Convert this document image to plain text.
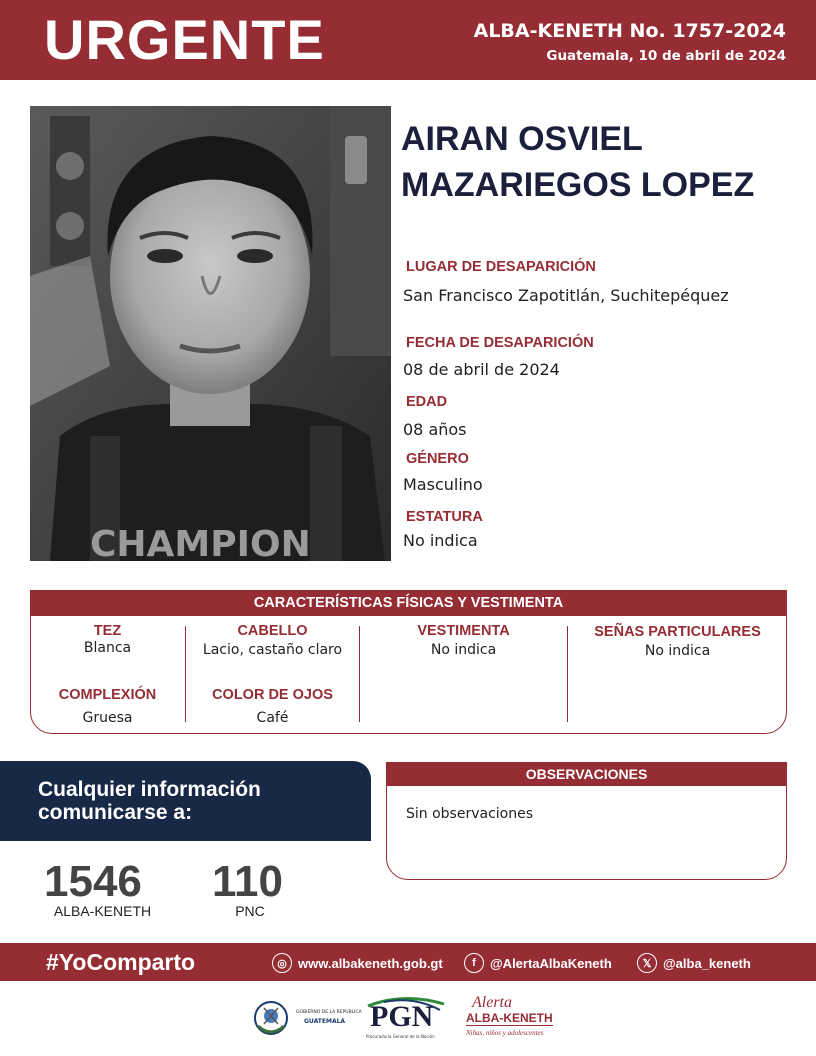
URGENTE	ALBA-KENETH No. 1757-2024
Guatemala, 10 de abril de 2024
CHAMPION
AIRAN OSVIEL
MAZARIEGOS LOPEZ
LUGAR DE DESAPARICIÓN
San Francisco Zapotitlán, Suchitepéquez
FECHA DE DESAPARICIÓN
08 de abril de 2024
EDAD
08 años
GÉNERO
Masculino
ESTATURA
No indica
CARACTERÍSTICAS FÍSICAS Y VESTIMENTA
TEZ
Blanca
CABELLO
Lacio, castaño claro
VESTIMENTA
No indica
SEÑAS PARTICULARES
No indica
COMPLEXIÓN
Gruesa
COLOR DE OJOS
Café
Cualquier información
comunicarse a:
1546
ALBA-KENETH
110
PNC
OBSERVACIONES
Sin observaciones
#YoComparto	◎ www.albakeneth.gob.gt	f	@AlertaAlbaKeneth	𝕏 @alba_keneth
GOBIERNO DE LA REPÚBLICA
GUATEMALA PGN
Procuraduría General de la Nación
Alerta
ALBA-KENETH
Niñas, niños y adolescentes
